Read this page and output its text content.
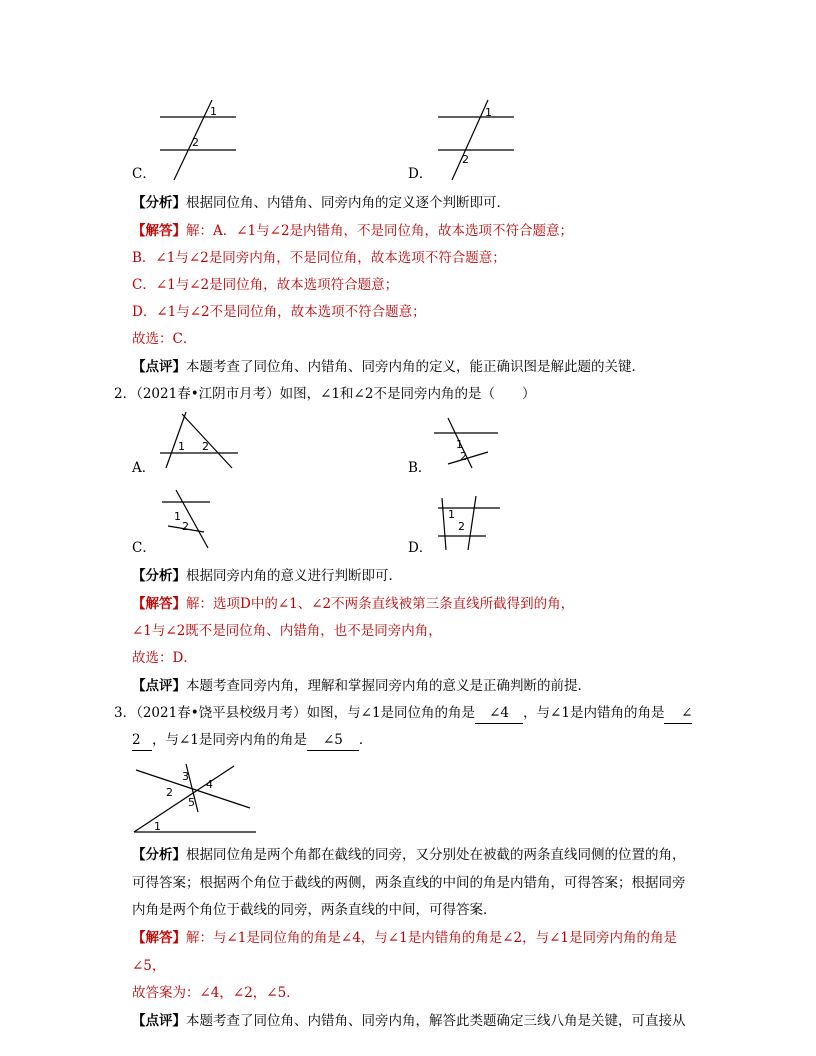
1
2
C．
1
2
D．
【分析】根据同位角、内错角、同旁内角的定义逐个判断即可．
【解答】解：A．∠1与∠2是内错角，不是同位角，故本选项不符合题意；
B．∠1与∠2是同旁内角，不是同位角，故本选项不符合题意；
C．∠1与∠2是同位角，故本选项符合题意；
D．∠1与∠2不是同位角，故本选项不符合题意；
故选：C．
【点评】本题考查了同位角、内错角、同旁内角的定义，能正确识图是解此题的关键．
2．（2021春•江阴市月考）如图，∠1和∠2不是同旁内角的是（　　）
1 2
A．
1
2
B．
1
2
C．
1
2
D．
【分析】根据同旁内角的意义进行判断即可．
【解答】解：选项D中的∠1、∠2不两条直线被第三条直线所截得到的角，
∠1与∠2既不是同位角、内错角，也不是同旁内角，
故选：D．
【点评】本题考查同旁内角，理解和掌握同旁内角的意义是正确判断的前提．
3．（2021春•饶平县校级月考）如图，与∠1是同位角的角是 ∠4 ，与∠1是内错角的角是 ∠
2 ，与∠1是同旁内角的角是 ∠5 ．
1
2
3
4
5
【分析】根据同位角是两个角都在截线的同旁，又分别处在被截的两条直线同侧的位置的角，
可得答案；根据两个角位于截线的两侧，两条直线的中间的角是内错角，可得答案；根据同旁
内角是两个角位于截线的同旁，两条直线的中间，可得答案．
【解答】解：与∠1是同位角的角是∠4，与∠1是内错角的角是∠2，与∠1是同旁内角的角是
∠5，
故答案为：∠4，∠2，∠5．
【点评】本题考查了同位角、内错角、同旁内角，解答此类题确定三线八角是关键，可直接从
